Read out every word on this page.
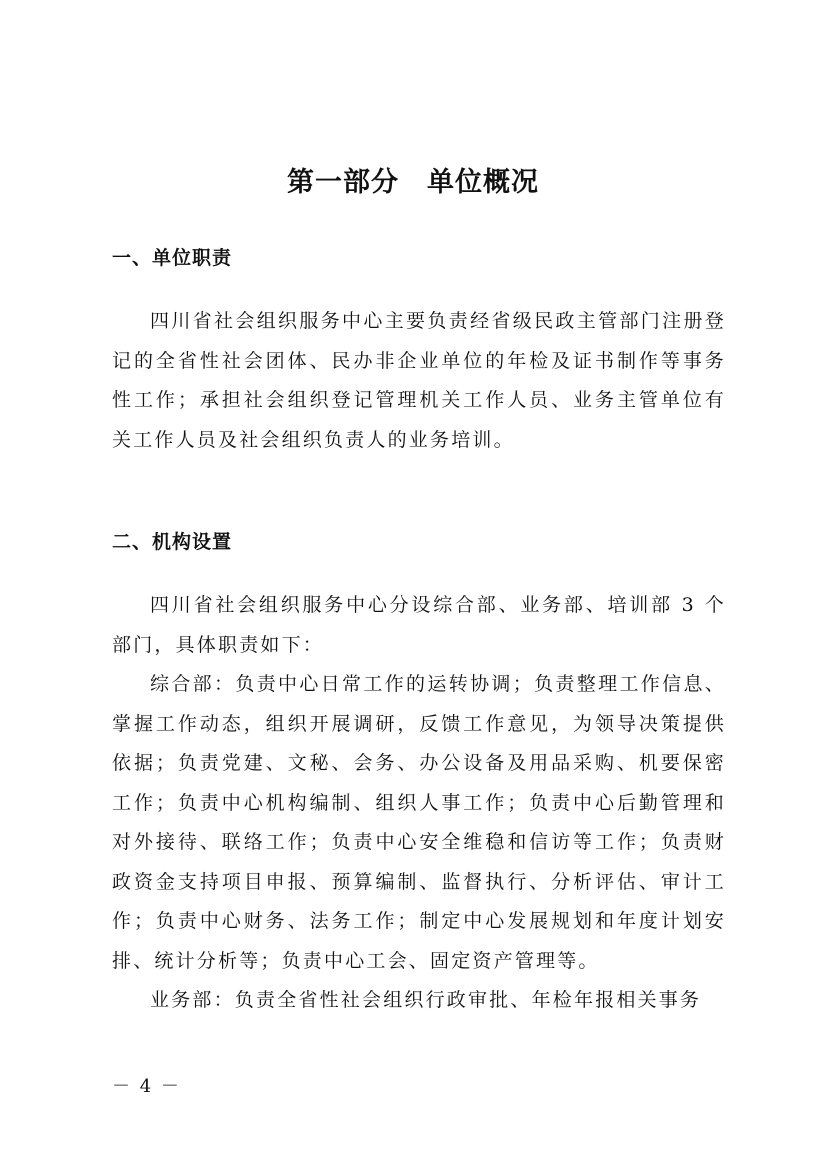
第一部分　单位概况
一、单位职责

四川省社会组织服务中心主要负责经省级民政主管部门注册登记的全省性社会团体、民办非企业单位的年检及证书制作等事务性工作；承担社会组织登记管理机关工作人员、业务主管单位有关工作人员及社会组织负责人的业务培训。

二、机构设置

四川省社会组织服务中心分设综合部、业务部、培训部 3 个部门，具体职责如下：

综合部：负责中心日常工作的运转协调；负责整理工作信息、掌握工作动态，组织开展调研，反馈工作意见，为领导决策提供依据；负责党建、文秘、会务、办公设备及用品采购、机要保密工作；负责中心机构编制、组织人事工作；负责中心后勤管理和对外接待、联络工作；负责中心安全维稳和信访等工作；负责财政资金支持项目申报、预算编制、监督执行、分析评估、审计工作；负责中心财务、法务工作；制定中心发展规划和年度计划安排、统计分析等；负责中心工会、固定资产管理等。

业务部：负责全省性社会组织行政审批、年检年报相关事务

－ 4 －
